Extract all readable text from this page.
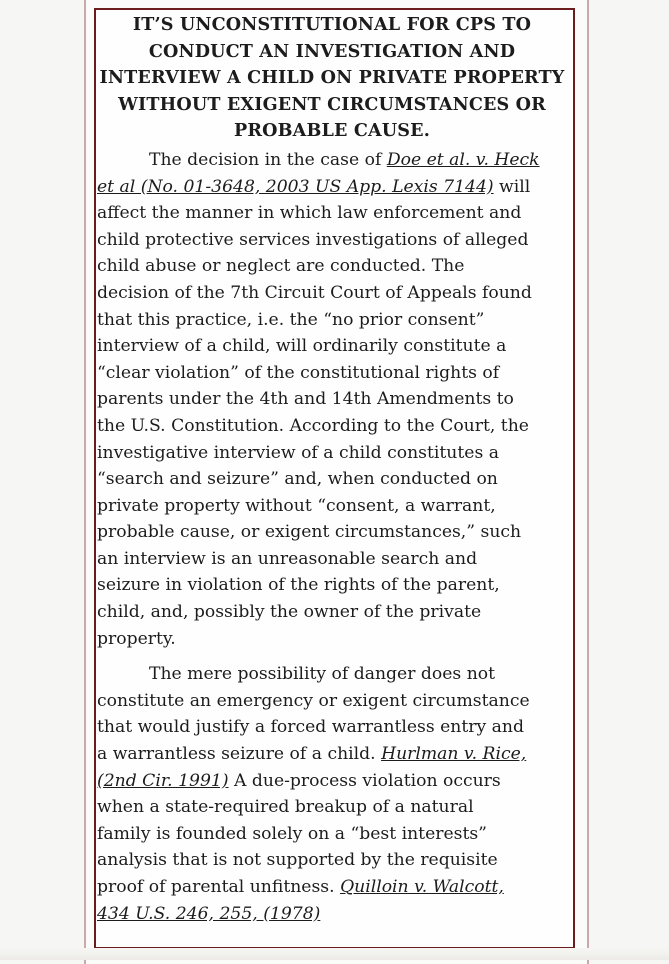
IT’S UNCONSTITUTIONAL FOR CPS TO
CONDUCT AN INVESTIGATION AND
INTERVIEW A CHILD ON PRIVATE PROPERTY
WITHOUT EXIGENT CIRCUMSTANCES OR
PROBABLE CAUSE.

The decision in the case of Doe et al. v. Heck
et al (No. 01-3648, 2003 US App. Lexis 7144) will
affect the manner in which law enforcement and
child protective services investigations of alleged
child abuse or neglect are conducted. The
decision of the 7th Circuit Court of Appeals found
that this practice, i.e. the “no prior consent”
interview of a child, will ordinarily constitute a
“clear violation” of the constitutional rights of
parents under the 4th and 14th Amendments to
the U.S. Constitution. According to the Court, the
investigative interview of a child constitutes a
“search and seizure” and, when conducted on
private property without “consent, a warrant,
probable cause, or exigent circumstances,” such
an interview is an unreasonable search and
seizure in violation of the rights of the parent,
child, and, possibly the owner of the private
property.

The mere possibility of danger does not
constitute an emergency or exigent circumstance
that would justify a forced warrantless entry and
a warrantless seizure of a child. Hurlman v. Rice,
(2nd Cir. 1991) A due-process violation occurs
when a state-required breakup of a natural
family is founded solely on a “best interests”
analysis that is not supported by the requisite
proof of parental unfitness. Quilloin v. Walcott,
434 U.S. 246, 255, (1978)
